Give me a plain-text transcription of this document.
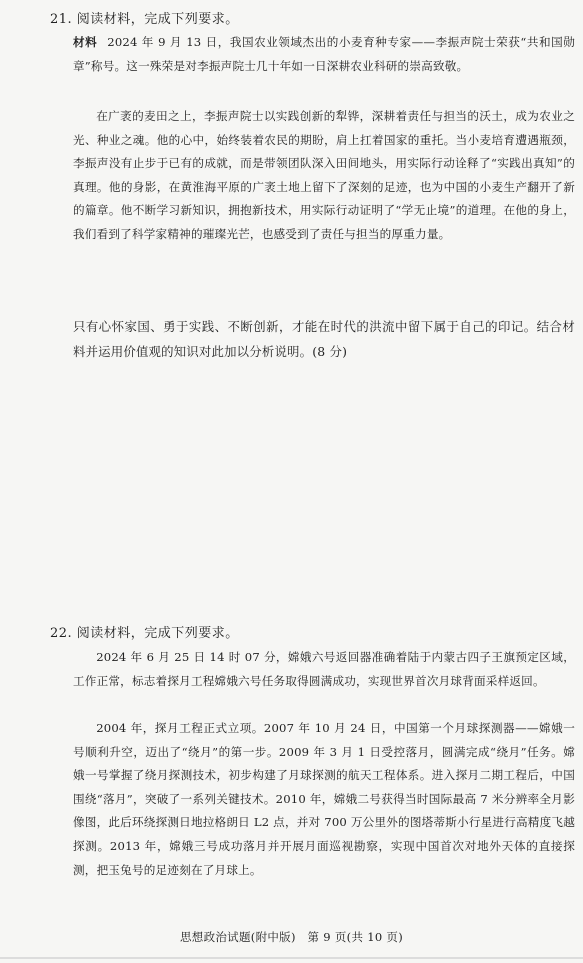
21. 阅读材料，完成下列要求。
材料 2024 年 9 月 13 日，我国农业领域杰出的小麦育种专家——李振声院士荣获“共和国勋章”称号。这一殊荣是对李振声院士几十年如一日深耕农业科研的崇高致敬。
在广袤的麦田之上，李振声院士以实践创新的犁铧，深耕着责任与担当的沃土，成为农业之光、种业之魂。他的心中，始终装着农民的期盼，肩上扛着国家的重托。当小麦培育遭遇瓶颈，李振声没有止步于已有的成就，而是带领团队深入田间地头，用实际行动诠释了“实践出真知”的真理。他的身影，在黄淮海平原的广袤土地上留下了深刻的足迹，也为中国的小麦生产翻开了新的篇章。他不断学习新知识，拥抱新技术，用实际行动证明了“学无止境”的道理。在他的身上，我们看到了科学家精神的璀璨光芒，也感受到了责任与担当的厚重力量。
只有心怀家国、勇于实践、不断创新，才能在时代的洪流中留下属于自己的印记。结合材料并运用价值观的知识对此加以分析说明。(8 分)
22. 阅读材料，完成下列要求。
2024 年 6 月 25 日 14 时 07 分，嫦娥六号返回器准确着陆于内蒙古四子王旗预定区域，工作正常，标志着探月工程嫦娥六号任务取得圆满成功，实现世界首次月球背面采样返回。
2004 年，探月工程正式立项。2007 年 10 月 24 日，中国第一个月球探测器——嫦娥一号顺利升空，迈出了“绕月”的第一步。2009 年 3 月 1 日受控落月，圆满完成“绕月”任务。嫦娥一号掌握了绕月探测技术，初步构建了月球探测的航天工程体系。进入探月二期工程后，中国围绕“落月”，突破了一系列关键技术。2010 年，嫦娥二号获得当时国际最高 7 米分辨率全月影像图，此后环绕探测日地拉格朗日 L2 点，并对 700 万公里外的图塔蒂斯小行星进行高精度飞越探测。2013 年，嫦娥三号成功落月并开展月面巡视勘察，实现中国首次对地外天体的直接探测，把玉兔号的足迹刻在了月球上。
思想政治试题(附中版)　第 9 页(共 10 页)
